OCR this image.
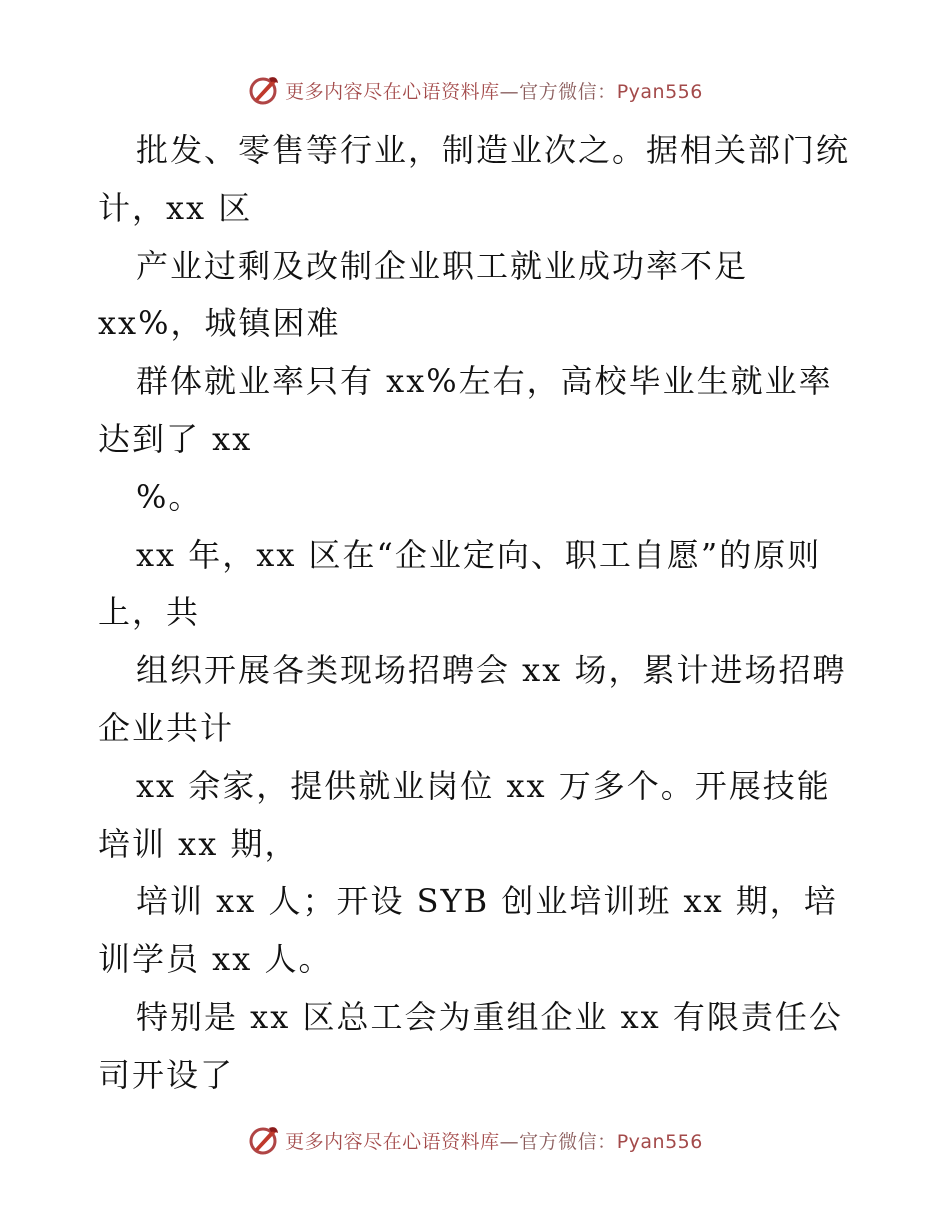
更多内容尽在心语资料库—官方微信：Pyan556
批发、零售等行业，制造业次之。据相关部门统
计，xx 区
产业过剩及改制企业职工就业成功率不足
xx%，城镇困难
群体就业率只有 xx%左右，高校毕业生就业率
达到了 xx
%。
xx 年，xx 区在“企业定向、职工自愿”的原则
上，共
组织开展各类现场招聘会 xx 场，累计进场招聘
企业共计
xx 余家，提供就业岗位 xx 万多个。开展技能
培训 xx 期，
培训 xx 人；开设 SYB 创业培训班 xx 期，培
训学员 xx 人。
特别是 xx 区总工会为重组企业 xx 有限责任公
司开设了
更多内容尽在心语资料库—官方微信：Pyan556
